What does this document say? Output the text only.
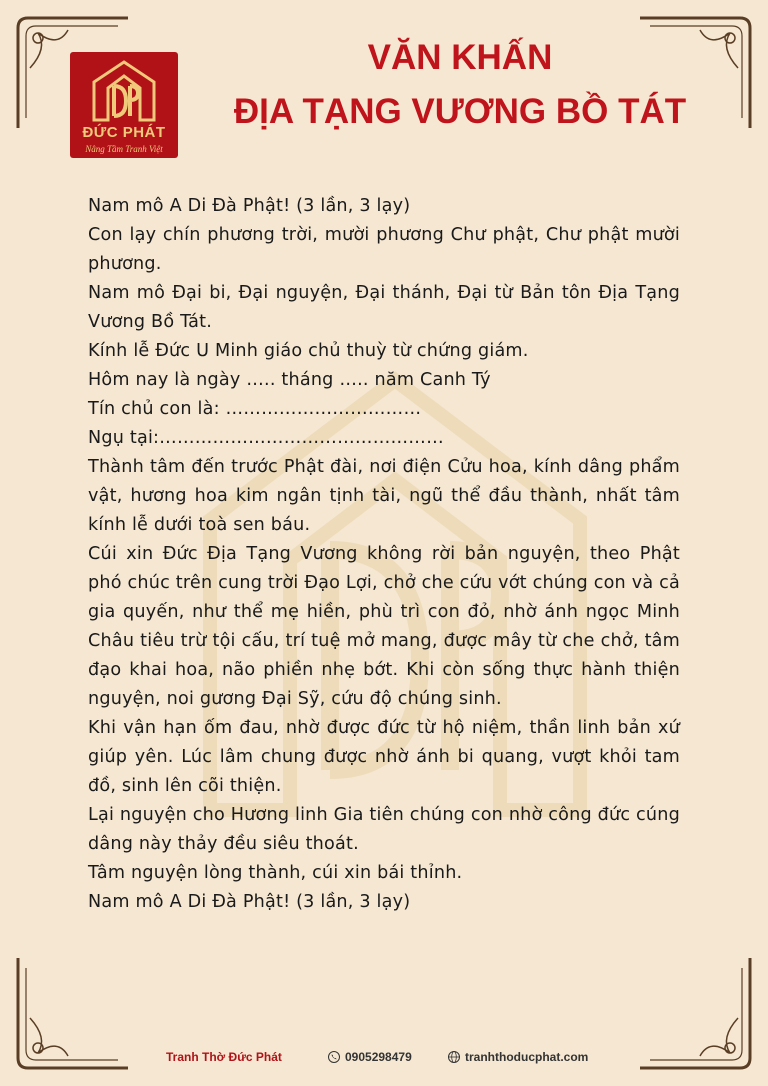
ĐỨC PHÁT
Nâng Tầm Tranh Việt
VĂN KHẤN
ĐỊA TẠNG VƯƠNG BỒ TÁT

Nam mô A Di Đà Phật! (3 lần, 3 lạy)

Con lạy chín phương trời, mười phương Chư phật, Chư phật mười phương.

Nam mô Đại bi, Đại nguyện, Đại thánh, Đại từ Bản tôn Địa Tạng Vương Bồ Tát.

Kính lễ Đức U Minh giáo chủ thuỳ từ chứng giám.

Hôm nay là ngày ….. tháng ….. năm Canh Tý

Tín chủ con là: ……………………………

Ngụ tại:…………………………………………

Thành tâm đến trước Phật đài, nơi điện Cửu hoa, kính dâng phẩm vật, hương hoa kim ngân tịnh tài, ngũ thể đầu thành, nhất tâm kính lễ dưới toà sen báu.

Cúi xin Đức Địa Tạng Vương không rời bản nguyện, theo Phật phó chúc trên cung trời Đạo Lợi, chở che cứu vớt chúng con và cả gia quyến, như thể mẹ hiền, phù trì con đỏ, nhờ ánh ngọc Minh Châu tiêu trừ tội cấu, trí tuệ mở mang, được mây từ che chở, tâm đạo khai hoa, não phiền nhẹ bớt. Khi còn sống thực hành thiện nguyện, noi gương Đại Sỹ, cứu độ chúng sinh.

Khi vận hạn ốm đau, nhờ được đức từ hộ niệm, thần linh bản xứ giúp yên. Lúc lâm chung được nhờ ánh bi quang, vượt khỏi tam đồ, sinh lên cõi thiện.

Lại nguyện cho Hương linh Gia tiên chúng con nhờ công đức cúng dâng này thảy đều siêu thoát.

Tâm nguyện lòng thành, cúi xin bái thỉnh.

Nam mô A Di Đà Phật! (3 lần, 3 lạy)

Tranh Thờ Đức Phát	0905298479	tranhthoducphat.com
